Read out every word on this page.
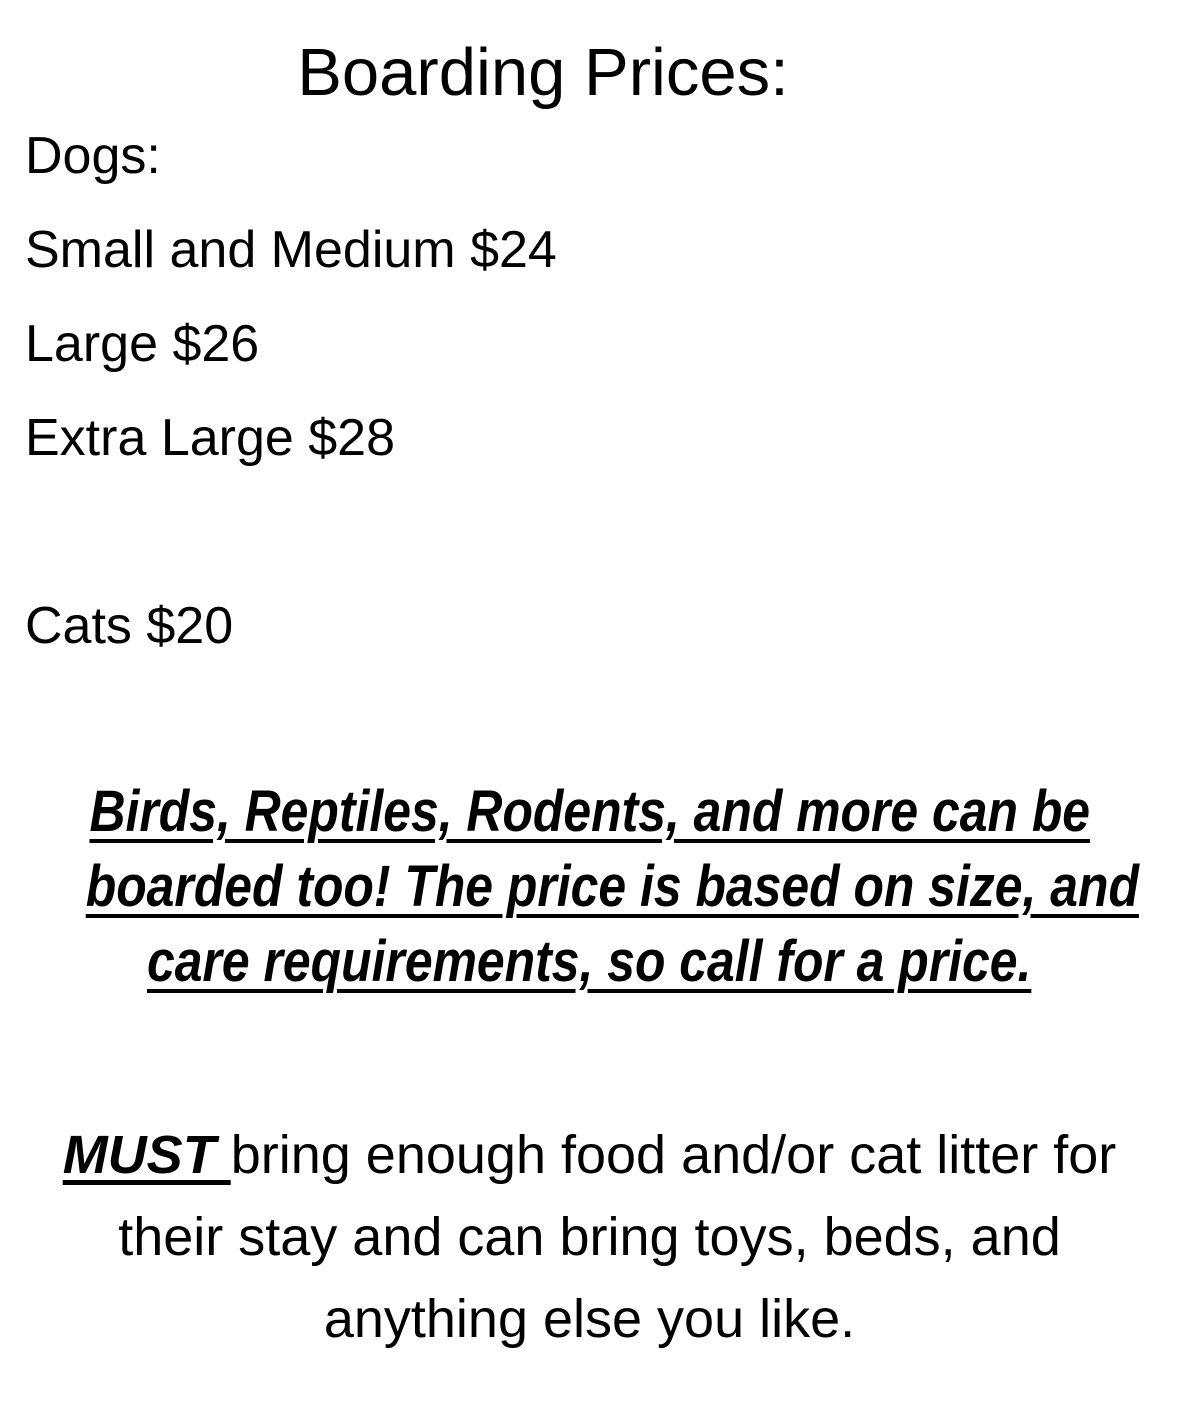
Boarding Prices:
Dogs:
Small and Medium $24
Large $26
Extra Large $28
Cats $20
Birds, Reptiles, Rodents, and more can be
boarded too! The price is based on size, and
care requirements, so call for a price.
MUST bring enough food and/or cat litter for
their stay and can bring toys, beds, and
anything else you like.
